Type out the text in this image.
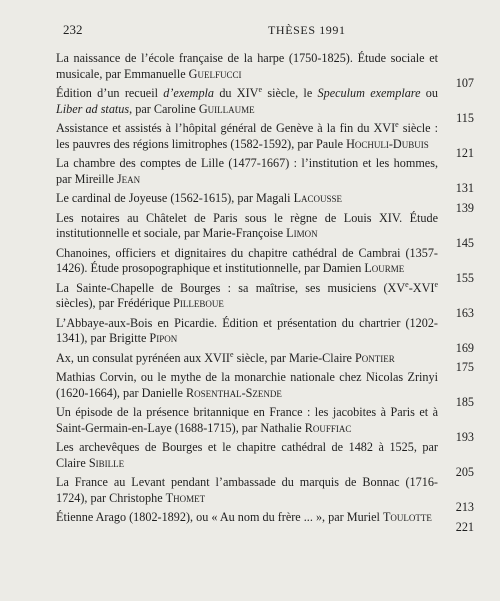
232	THÈSES 1991

La naissance de l’école française de la harpe (1750-1825). Étude sociale et musicale, par Emmanuelle Guelfucci

107

Édition d’un recueil d’exempla du XIVe siècle, le Speculum exemplare ou Liber ad status, par Caroline Guillaume

115

Assistance et assistés à l’hôpital général de Genève à la fin du XVIe siècle : les pauvres des régions limitrophes (1582-1592), par Paule Hochuli-Dubuis

121

La chambre des comptes de Lille (1477-1667) : l’institution et les hommes, par Mireille Jean

131

Le cardinal de Joyeuse (1562-1615), par Magali Lacousse

139

Les notaires au Châtelet de Paris sous le règne de Louis XIV. Étude institutionnelle et sociale, par Marie-Françoise Limon

145

Chanoines, officiers et dignitaires du chapitre cathédral de Cambrai (1357-1426). Étude prosopographique et institutionnelle, par Damien Lourme

155

La Sainte-Chapelle de Bourges : sa maîtrise, ses musiciens (XVe-XVIe siècles), par Frédérique Pilleboue

163

L’Abbaye-aux-Bois en Picardie. Édition et présentation du chartrier (1202-1341), par Brigitte Pipon

169

Ax, un consulat pyrénéen aux XVIIe siècle, par Marie-Claire Pontier

175

Mathias Corvin, ou le mythe de la monarchie nationale chez Nicolas Zrinyi (1620-1664), par Danielle Rosenthal-Szende

185

Un épisode de la présence britannique en France : les jacobites à Paris et à Saint-Germain-en-Laye (1688-1715), par Nathalie Rouffiac

193

Les archevêques de Bourges et le chapitre cathédral de 1482 à 1525, par Claire Sibille

205

La France au Levant pendant l’ambassade du marquis de Bonnac (1716-1724), par Christophe Thomet

213

Étienne Arago (1802-1892), ou « Au nom du frère ... », par Muriel Toulotte

221
